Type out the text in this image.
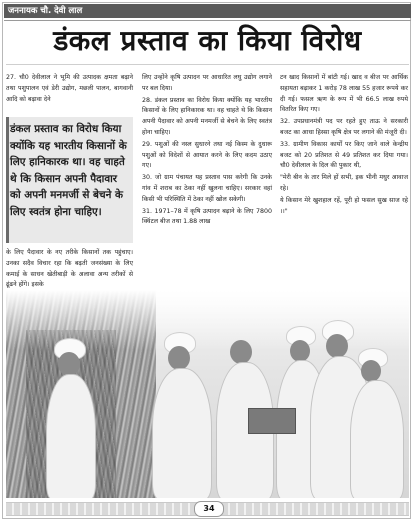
जननायक चौ. देवी लाल
डंकल प्रस्ताव का किया विरोध

27. चौ0 देवीलाल ने भूमि की उत्पादक क्षमता बढ़ाने तथा पशुपालन एवं डेरी उद्योग, मछली पालन, बागवानी आदि को बढ़ावा देने

डंकल प्रस्ताव का विरोध किया क्योंकि यह भारतीय किसानों के लिए हानिकारक था। वह चाहते थे कि किसान अपनी पैदावार को अपनी मनमर्जी से बेचने के लिए स्वतंत्र होना चाहिए।
के लिए पैदावार के नए तरीके किसानों तक पहुंचाए। उनका सदैव विचार रहा कि बढ़ती जनसंख्या के लिए कमाई के साधन खेतीबाड़ी के अलावा अन्य तरीकों से ढूंढने होंगे। इसके

लिए उन्होंने कृषि उत्पादन पर आधारित लघु उद्योग लगाने पर बल दिया।

28. डंकल प्रस्ताव का विरोध किया क्योंकि यह भारतीय किसानों के लिए हानिकारक था। वह चाहते थे कि किसान अपनी पैदावार को अपनी मनमर्जी से बेचने के लिए स्वतंत्र होना चाहिए।

29. पशुओं की नस्ल सुधारने तथा नई किस्म के दुधारू पशुओं को विदेशों से आयात करने के लिए कदम उठाए गए।

30. जो ग्राम पंचायत यह प्रस्ताव पास करेगी कि उनके गांव में शराब का ठेका नहीं खुलना चाहिए। सरकार वहां किसी भी परिस्थिति में ठेका नहीं खोल सकेगी।

31. 1971–78 में कृषि उत्पादन बढ़ाने के लिए 7800 क्विंटल बीज तथा 1.88 लाख

टन खाद किसानों में बांटी गई। खाद व बीज पर आर्थिक सहायता बढ़ाकर 1 करोड़ 78 लाख 55 हजार रूपये कर दी गई। फसल ऋण के रूप में भी 66.5 लाख रुपये वितरित किए गए।

32. उपप्रधानमंत्री पद पर रहते हुए ताऊ ने सरकारी बजट का आधा हिस्सा कृषि क्षेत्र पर लगाने की मंजूरी दी।

33. ग्रामीण विकास कार्यों पर किए जाने वाले केन्द्रीय बजट को 20 प्रतिशत से 49 प्रतिशत कर दिया गया। चौ0 देवीलाल के दिल की पुकार थी,

"मेरी बीन के तार मिले हों सभी, इक भीनी मधुर आवाज रहे।

ये किसान मेरे खुशहाल रहें, पूरी हो फसल सुख साज रहे ।।"

34
